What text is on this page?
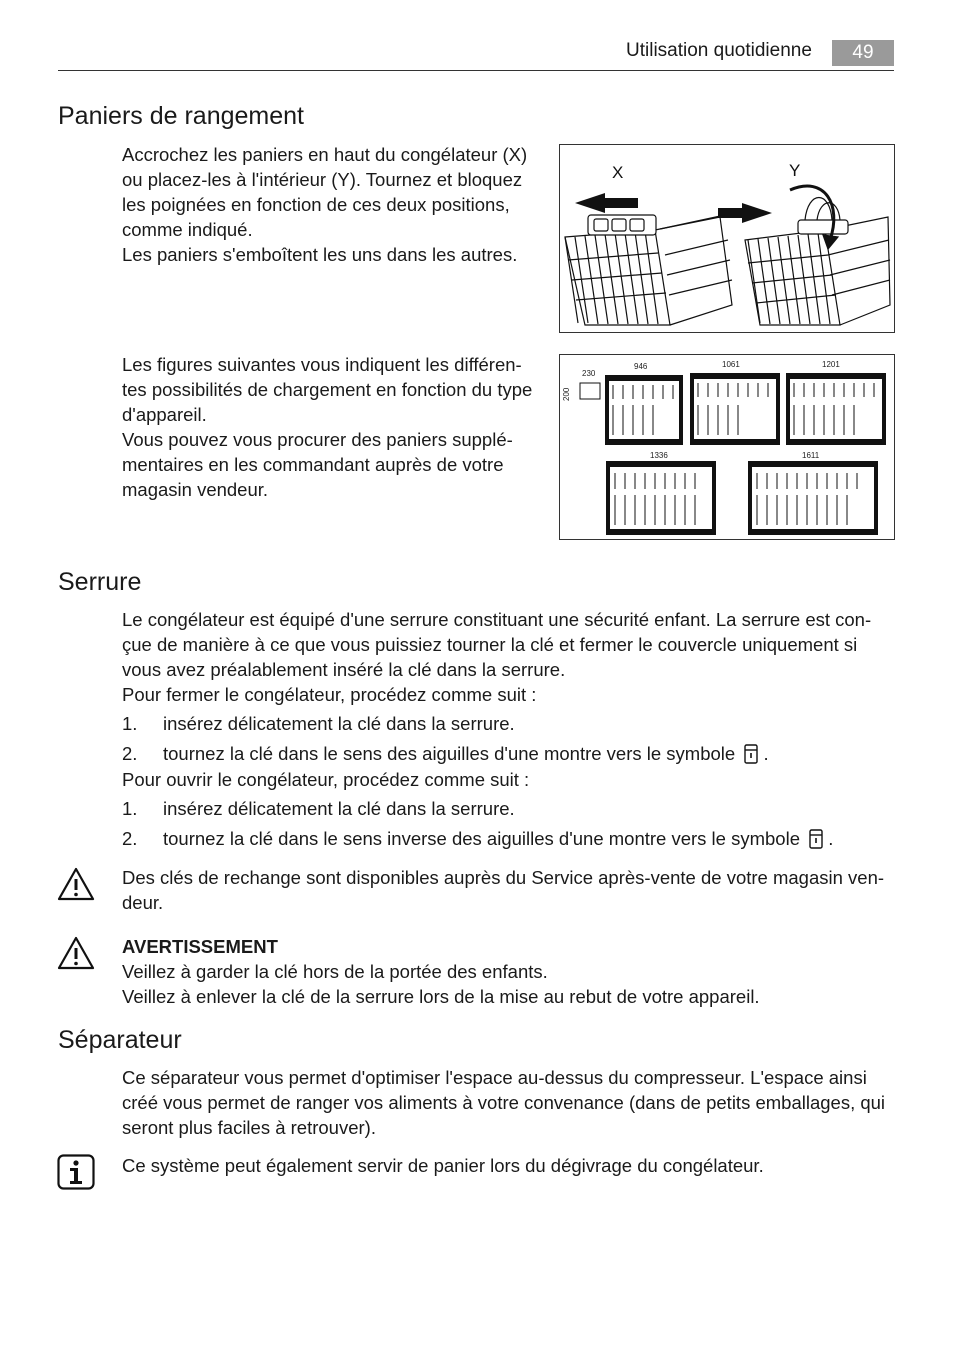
Utilisation quotidienne	49
Paniers de rangement
Accrochez les paniers en haut du congélateur (X)
ou placez-les à l'intérieur (Y). Tournez et bloquez
les poignées en fonction de ces deux positions,
comme indiqué.
Les paniers s'emboîtent les uns dans les autres.
X	Y
Les figures suivantes vous indiquent les différen-
tes possibilités de chargement en fonction du type
d'appareil.
Vous pouvez vous procurer des paniers supplé-
mentaires en les commandant auprès de votre
magasin vendeur.
230
200
946	1061	1201
1336	1611
Serrure
Le congélateur est équipé d'une serrure constituant une sécurité enfant. La serrure est con-
çue de manière à ce que vous puissiez tourner la clé et fermer le couvercle uniquement si
vous avez préalablement inséré la clé dans la serrure.
Pour fermer le congélateur, procédez comme suit :
1. insérez délicatement la clé dans la serrure.
2. tournez la clé dans le sens des aiguilles d'une montre vers le symbole .
Pour ouvrir le congélateur, procédez comme suit :
1. insérez délicatement la clé dans la serrure.
2. tournez la clé dans le sens inverse des aiguilles d'une montre vers le symbole .
Des clés de rechange sont disponibles auprès du Service après-vente de votre magasin ven-
deur.
AVERTISSEMENT
Veillez à garder la clé hors de la portée des enfants.
Veillez à enlever la clé de la serrure lors de la mise au rebut de votre appareil.
Séparateur
Ce séparateur vous permet d'optimiser l'espace au-dessus du compresseur. L'espace ainsi
créé vous permet de ranger vos aliments à votre convenance (dans de petits emballages, qui
seront plus faciles à retrouver).
Ce système peut également servir de panier lors du dégivrage du congélateur.
